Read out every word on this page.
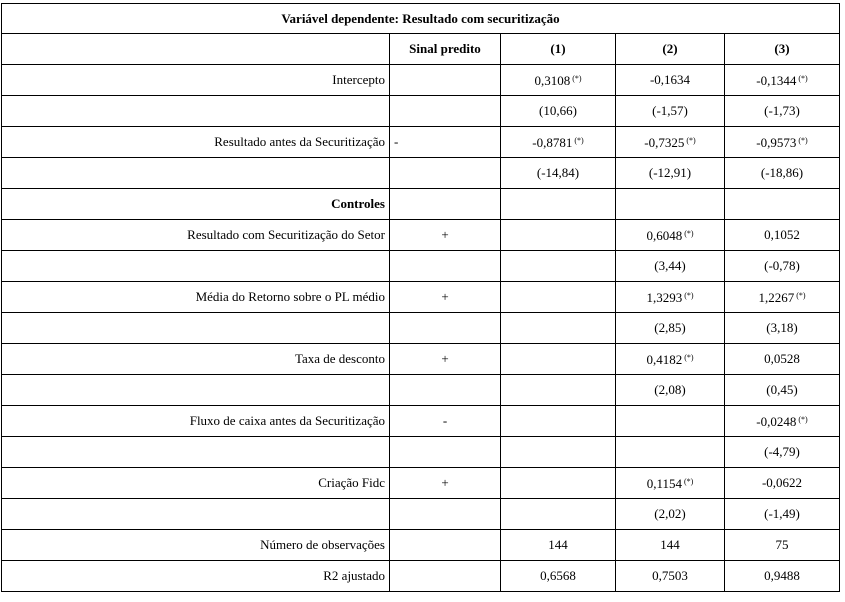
Variável dependente: Resultado com securitização				
	Sinal predito	(1)	(2)	(3)
Intercepto		0,3108 (*)	-0,1634	-0,1344 (*)
		(10,66)	(-1,57)	(-1,73)
Resultado antes da Securitização	-	-0,8781 (*)	-0,7325 (*)	-0,9573 (*)
		(-14,84)	(-12,91)	(-18,86)
Controles				
Resultado com Securitização do Setor	+		0,6048 (*)	0,1052
			(3,44)	(-0,78)
Média do Retorno sobre o PL médio	+		1,3293 (*)	1,2267 (*)
			(2,85)	(3,18)
Taxa de desconto	+		0,4182 (*)	0,0528
			(2,08)	(0,45)
Fluxo de caixa antes da Securitização	-			-0,0248 (*)
				(-4,79)
Criação Fidc	+		0,1154 (*)	-0,0622
			(2,02)	(-1,49)
Número de observações		144	144	75
R2 ajustado		0,6568	0,7503	0,9488
